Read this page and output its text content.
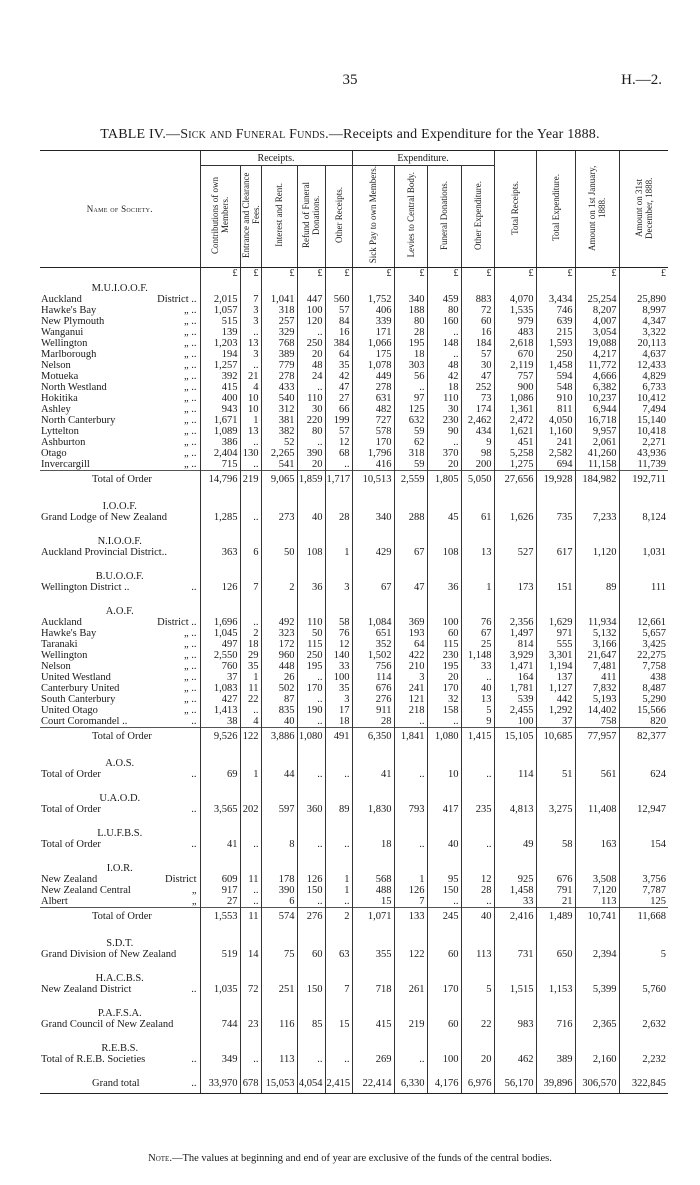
35	H.—2.
TABLE IV.—Sick and Funeral Funds.—Receipts and Expenditure for the Year 1888.
Name of Society.	Receipts.					Expenditure.				Total Receipts.	Total Expenditure.	Amount on 1st January, 1888.	Amount on 31st December, 1888.
	Contributions of own Members.	Entrance and Clearance Fees.	Interest and Rent.	Refund of Funeral Donations.	Other Receipts.	Sick Pay to own Members.	Levies to Central Body.	Funeral Donations.	Other Expenditure.				
	£	£	£	£	£	£	£	£	£	£	£	£	£
M.U.I.O.O.F.													
Auckland District ..	2,015	7	1,041	447	560	1,752	340	459	883	4,070	3,434	25,254	25,890
Hawke's Bay „ ..	1,057	3	318	100	57	406	188	80	72	1,535	746	8,207	8,997
New Plymouth „ ..	515	3	257	120	84	339	80	160	60	979	639	4,007	4,347
Wanganui „ ..	139	..	329	..	16	171	28	..	16	483	215	3,054	3,322
Wellington „ ..	1,203	13	768	250	384	1,066	195	148	184	2,618	1,593	19,088	20,113
Marlborough „ ..	194	3	389	20	64	175	18	..	57	670	250	4,217	4,637
Nelson „ ..	1,257	..	779	48	35	1,078	303	48	30	2,119	1,458	11,772	12,433
Motueka „ ..	392	21	278	24	42	449	56	42	47	757	594	4,666	4,829
North Westland „ ..	415	4	433	..	47	278	..	18	252	900	548	6,382	6,733
Hokitika „ ..	400	10	540	110	27	631	97	110	73	1,086	910	10,237	10,412
Ashley „ ..	943	10	312	30	66	482	125	30	174	1,361	811	6,944	7,494
North Canterbury „ ..	1,671	1	381	220	199	727	632	230	2,462	2,472	4,050	16,718	15,140
Lyttelton „ ..	1,089	13	382	80	57	578	59	90	434	1,621	1,160	9,957	10,418
Ashburton „ ..	386	..	52	..	12	170	62	..	9	451	241	2,061	2,271
Otago „ ..	2,404	130	2,265	390	68	1,796	318	370	98	5,258	2,582	41,260	43,936
Invercargill „ ..	715	..	541	20	..	416	59	20	200	1,275	694	11,158	11,739
Total of Order	14,796	219	9,065	1,859	1,717	10,513	2,559	1,805	5,050	27,656	19,928	184,982	192,711

I.O.O.F.													
Grand Lodge of New Zealand	1,285	..	273	40	28	340	288	45	61	1,626	735	7,233	8,124

N.I.O.O.F.													
Auckland Provincial District..	363	6	50	108	1	429	67	108	13	527	617	1,120	1,031

B.U.O.O.F.													
Wellington District .. ..	126	7	2	36	3	67	47	36	1	173	151	89	111

A.O.F.													
Auckland District ..	1,696	..	492	110	58	1,084	369	100	76	2,356	1,629	11,934	12,661
Hawke's Bay „ ..	1,045	2	323	50	76	651	193	60	67	1,497	971	5,132	5,657
Taranaki „ ..	497	18	172	115	12	352	64	115	25	814	555	3,166	3,425
Wellington „ ..	2,550	29	960	250	140	1,502	422	230	1,148	3,929	3,301	21,647	22,275
Nelson „ ..	760	35	448	195	33	756	210	195	33	1,471	1,194	7,481	7,758
United Westland „ ..	37	1	26	..	100	114	3	20	..	164	137	411	438
Canterbury United „ ..	1,083	11	502	170	35	676	241	170	40	1,781	1,127	7,832	8,487
South Canterbury „ ..	427	22	87	..	3	276	121	32	13	539	442	5,193	5,290
United Otago „ ..	1,413	..	835	190	17	911	218	158	5	2,455	1,292	14,402	15,566
Court Coromandel .. ..	38	4	40	..	18	28	..	..	9	100	37	758	820
Total of Order	9,526	122	3,886	1,080	491	6,350	1,841	1,080	1,415	15,105	10,685	77,957	82,377

A.O.S.													
Total of Order ..	69	1	44	..	..	41	..	10	..	114	51	561	624

U.A.O.D.													
Total of Order ..	3,565	202	597	360	89	1,830	793	417	235	4,813	3,275	11,408	12,947

L.U.F.B.S.													
Total of Order ..	41	..	8	..	..	18	..	40	..	49	58	163	154

I.O.R.													
New Zealand District	609	11	178	126	1	568	1	95	12	925	676	3,508	3,756
New Zealand Central „	917	..	390	150	1	488	126	150	28	1,458	791	7,120	7,787
Albert „	27	..	6	..	..	15	7	..	..	33	21	113	125
Total of Order	1,553	11	574	276	2	1,071	133	245	40	2,416	1,489	10,741	11,668

S.D.T.													
Grand Division of New Zealand	519	14	75	60	63	355	122	60	113	731	650	2,394	5

H.A.C.B.S.													
New Zealand District ..	1,035	72	251	150	7	718	261	170	5	1,515	1,153	5,399	5,760

P.A.F.S.A.													
Grand Council of New Zealand	744	23	116	85	15	415	219	60	22	983	716	2,365	2,632

R.E.B.S.													
Total of R.E.B. Societies ..	349	..	113	..	..	269	..	100	20	462	389	2,160	2,232

Grand total ..	33,970	678	15,053	4,054	2,415	22,414	6,330	4,176	6,976	56,170	39,896	306,570	322,845
Note.—The values at beginning and end of year are exclusive of the funds of the central bodies.
